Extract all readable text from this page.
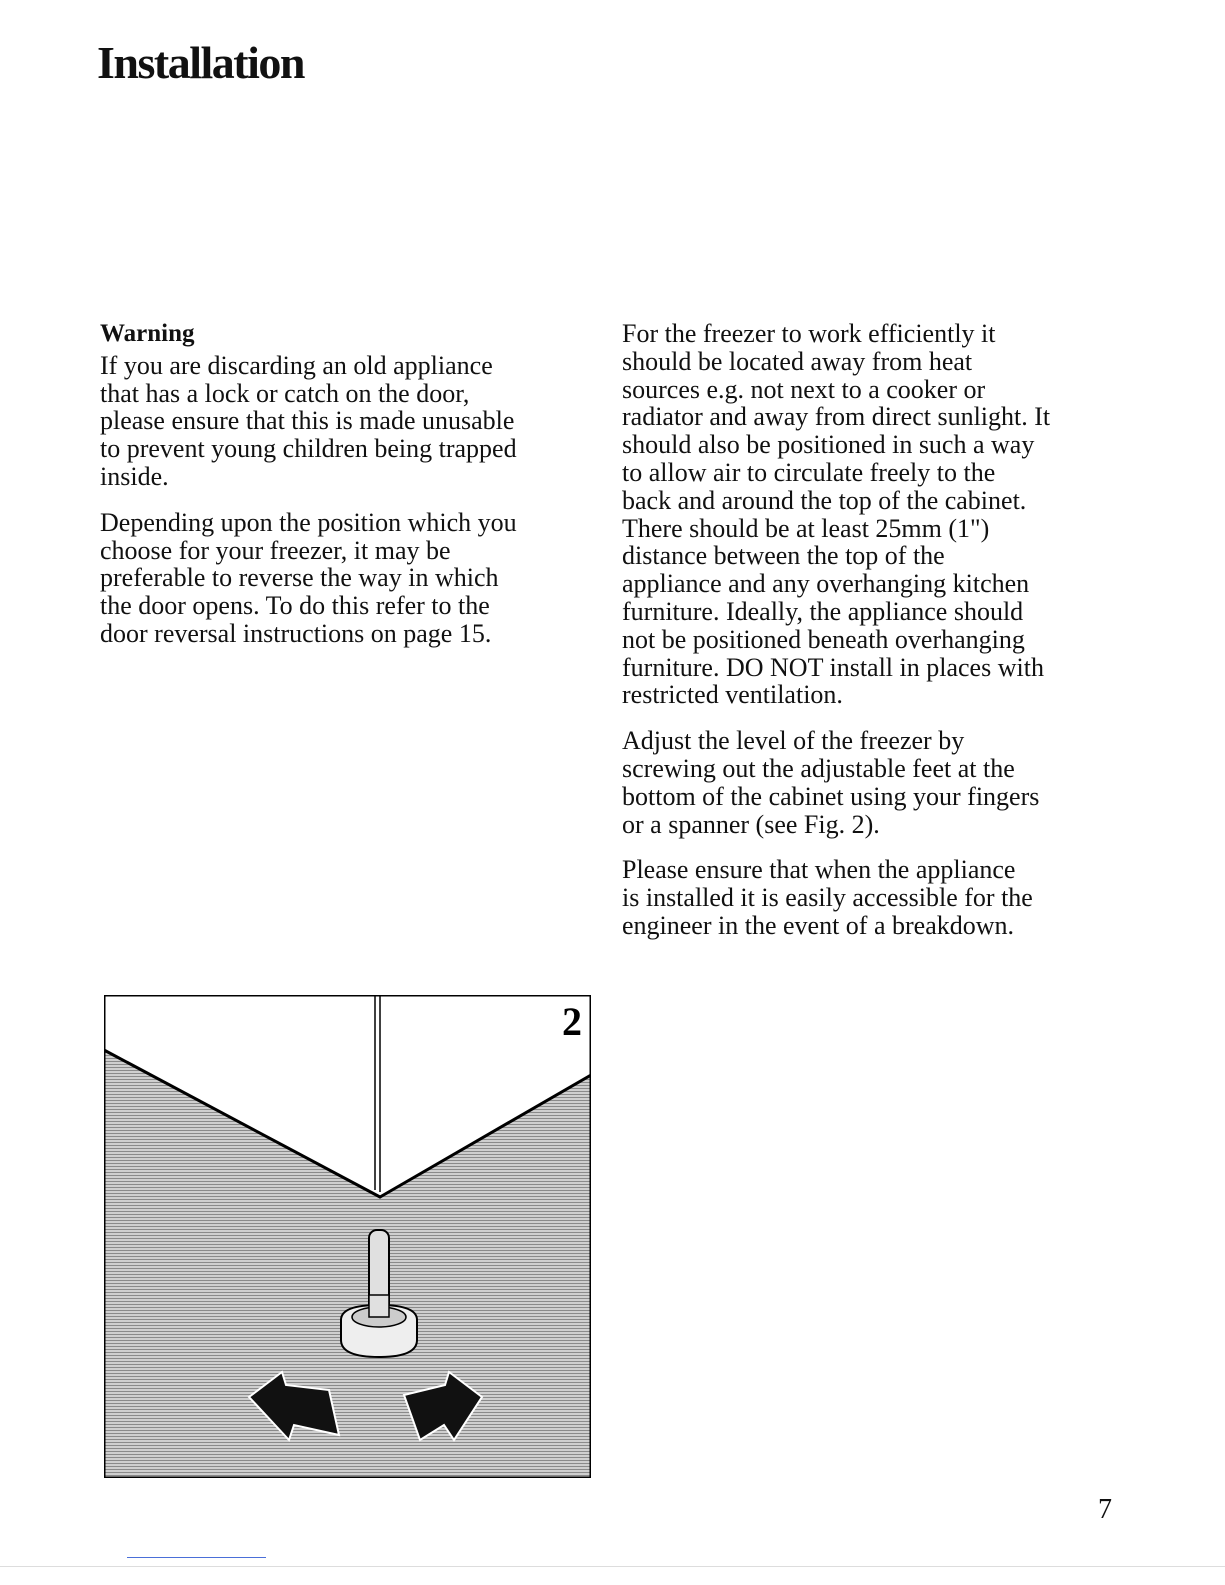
Installation
Warning
If you are discarding an old appliance
that has a lock or catch on the door,
please ensure that this is made unusable
to prevent young children being trapped
inside.
Depending upon the position which you
choose for your freezer, it may be
preferable to reverse the way in which
the door opens. To do this refer to the
door reversal instructions on page 15.
For the freezer to work efficiently it
should be located away from heat
sources e.g. not next to a cooker or
radiator and away from direct sunlight. It
should also be positioned in such a way
to allow air to circulate freely to the
back and around the top of the cabinet.
There should be at least 25mm (1")
distance between the top of the
appliance and any overhanging kitchen
furniture. Ideally, the appliance should
not be positioned beneath overhanging
furniture. DO NOT install in places with
restricted ventilation.
Adjust the level of the freezer by
screwing out the adjustable feet at the
bottom of the cabinet using your fingers
or a spanner (see Fig. 2).
Please ensure that when the appliance
is installed it is easily accessible for the
engineer in the event of a breakdown.
2
7
